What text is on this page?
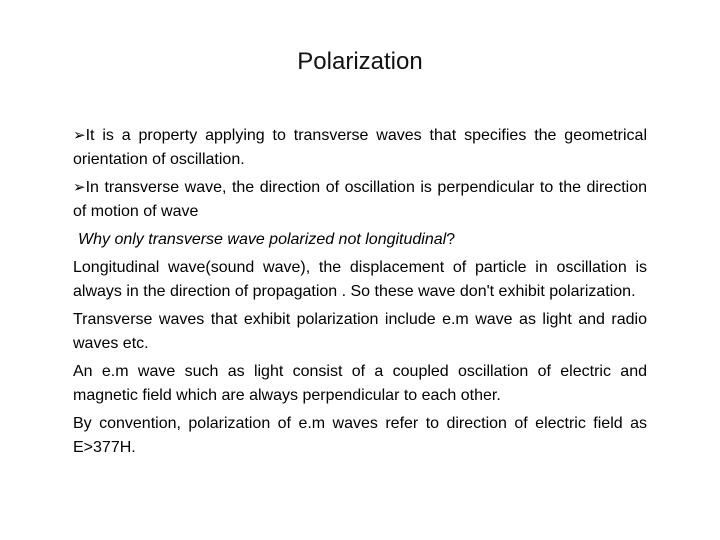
Polarization

➢It is a property applying to transverse waves that specifies the geometrical orientation of oscillation.

➢In transverse wave, the direction of oscillation is perpendicular to the direction of motion of wave

Why only transverse wave polarized not longitudinal?

Longitudinal wave(sound wave), the displacement of particle in oscillation is always in the direction of propagation . So these wave don't exhibit polarization.

Transverse waves that exhibit polarization include e.m wave as light and radio waves etc.

An e.m wave such as light consist of a coupled oscillation of electric and magnetic field which are always perpendicular to each other.

By convention, polarization of e.m waves refer to direction of electric field as E>377H.
